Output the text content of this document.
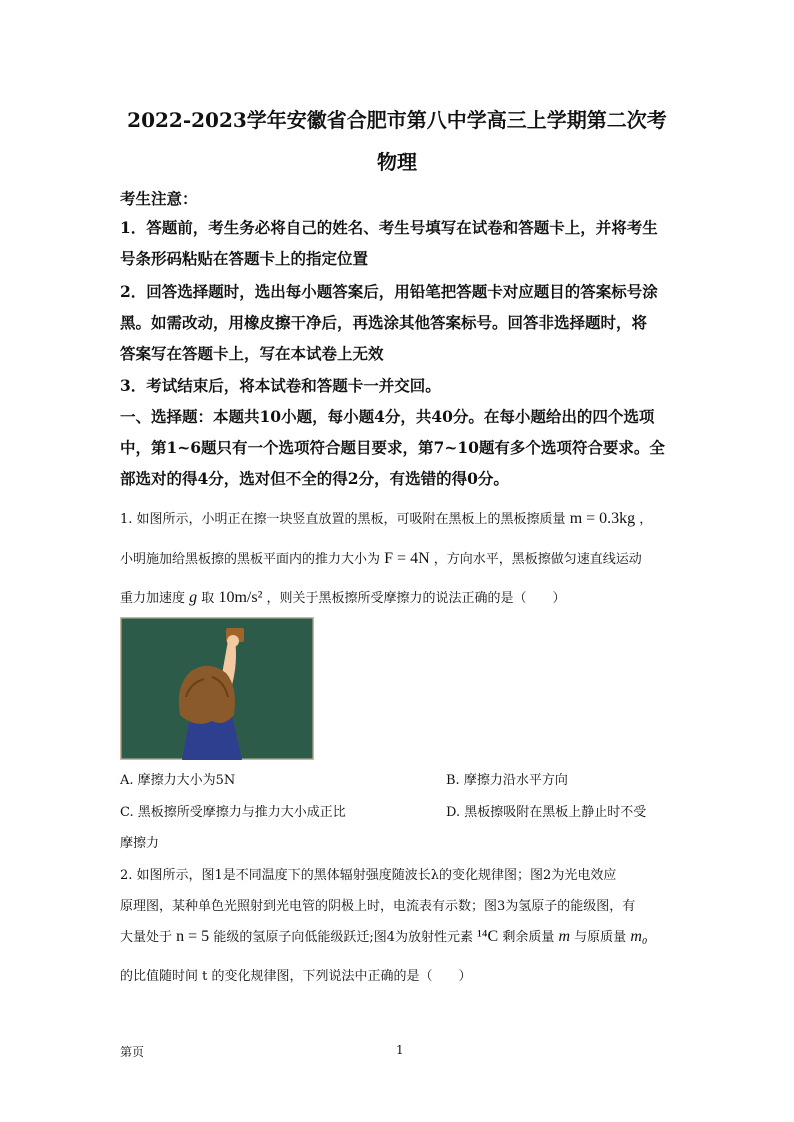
2022-2023学年安徽省合肥市第八中学高三上学期第二次考
物理
考生注意：
1．答题前，考生务必将自己的姓名、考生号填写在试卷和答题卡上，并将考生
号条形码粘贴在答题卡上的指定位置
2．回答选择题时，选出每小题答案后，用铅笔把答题卡对应题目的答案标号涂
黑。如需改动，用橡皮擦干净后，再选涂其他答案标号。回答非选择题时，将
答案写在答题卡上，写在本试卷上无效
3．考试结束后，将本试卷和答题卡一并交回。
一、选择题：本题共10小题，每小题4分，共40分。在每小题给出的四个选项
中，第1~6题只有一个选项符合题目要求，第7~10题有多个选项符合要求。全
部选对的得4分，选对但不全的得2分，有选错的得0分。
1. 如图所示，小明正在擦一块竖直放置的黑板，可吸附在黑板上的黑板擦质量 m = 0.3kg ，
小明施加给黑板擦的黑板平面内的推力大小为 F = 4N ，方向水平，黑板擦做匀速直线运动
重力加速度 g 取 10m/s² ，则关于黑板擦所受摩擦力的说法正确的是（　　）
A. 摩擦力大小为5N	B. 摩擦力沿水平方向
C. 黑板擦所受摩擦力与推力大小成正比	D. 黑板擦吸附在黑板上静止时不受
摩擦力
2. 如图所示，图1是不同温度下的黑体辐射强度随波长λ的变化规律图；图2为光电效应
原理图，某种单色光照射到光电管的阴极上时，电流表有示数；图3为氢原子的能级图，有
大量处于 n = 5 能级的氢原子向低能级跃迁;图4为放射性元素 ¹⁴C 剩余质量 m 与原质量 m₀
的比值随时间 t 的变化规律图，下列说法中正确的是（　　）
第页	1
